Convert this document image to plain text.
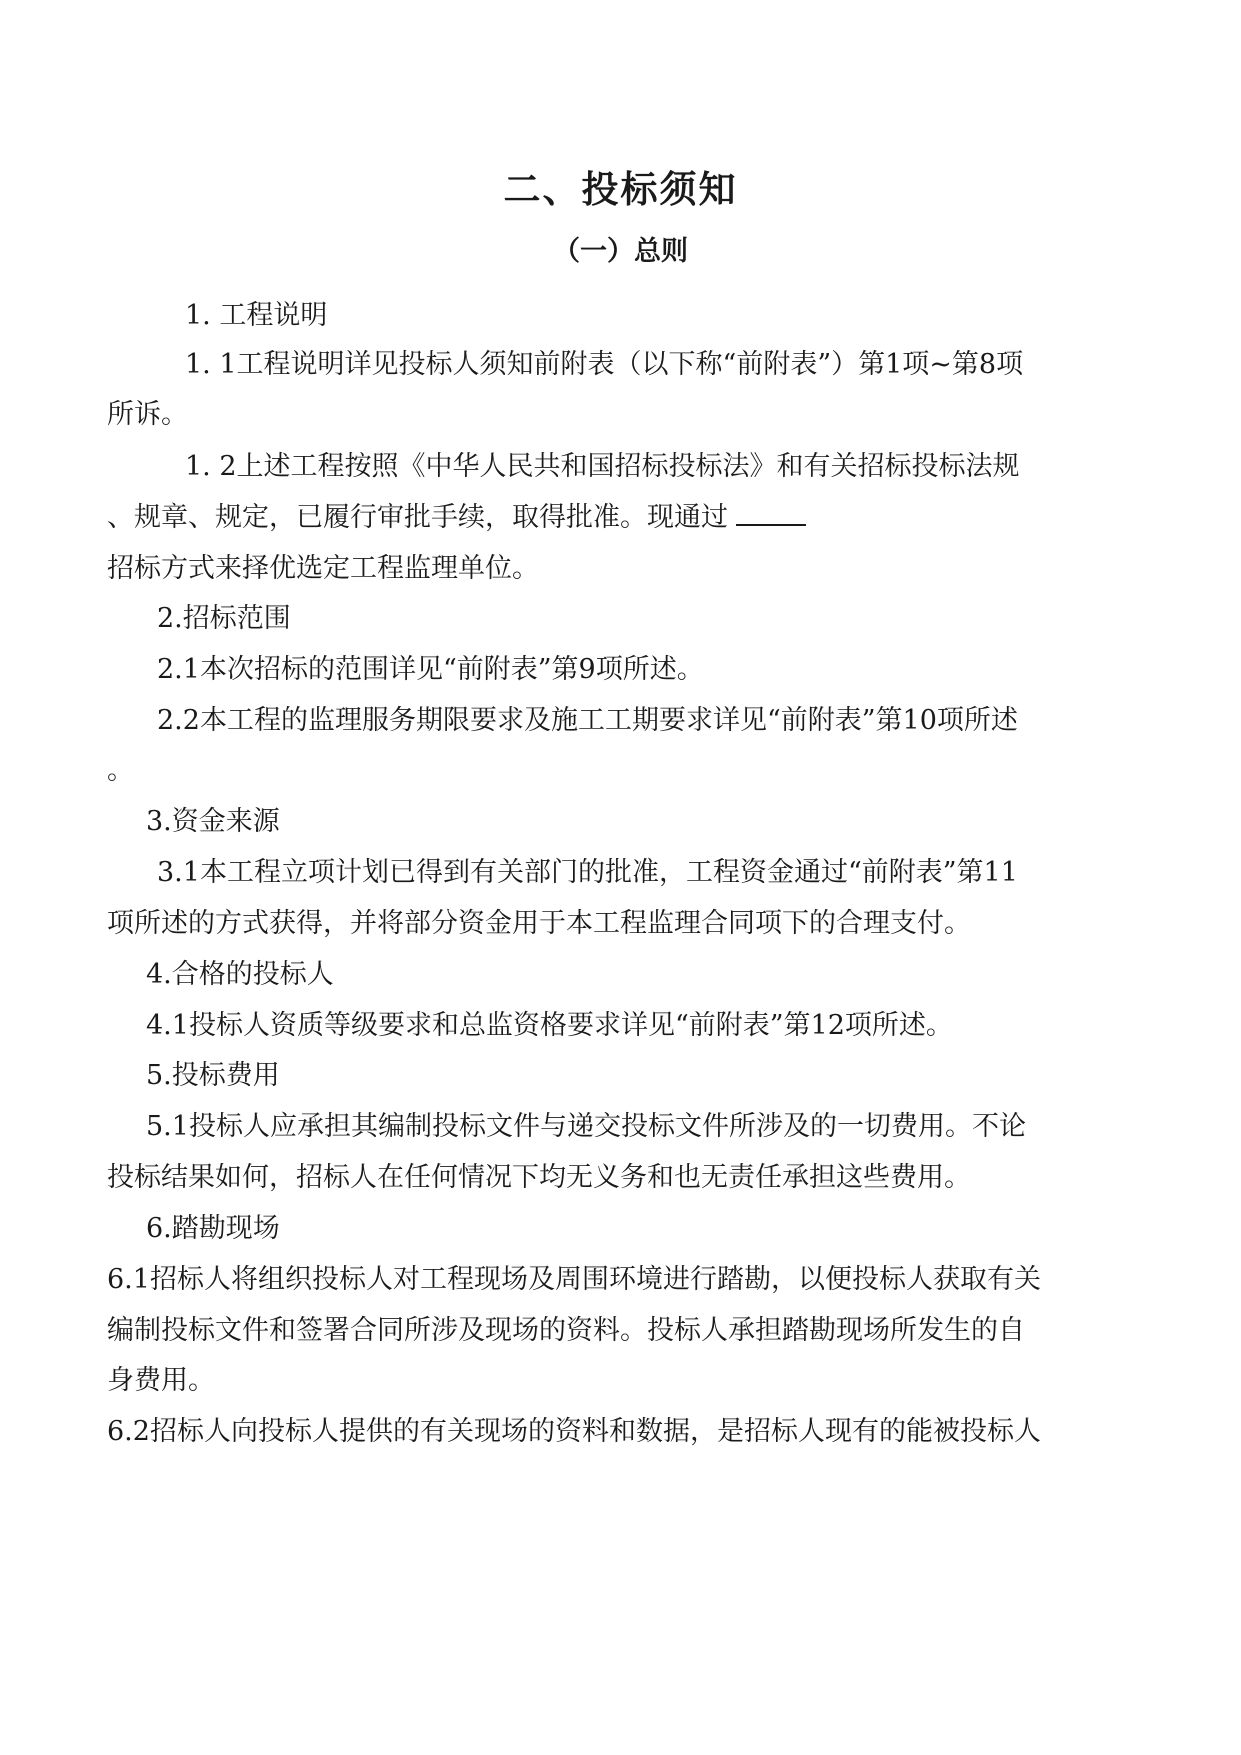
二、投标须知
（一）总则

1. 工程说明

1. 1工程说明详见投标人须知前附表（以下称“前附表”）第1项~第8项

所诉。

1. 2上述工程按照《中华人民共和国招标投标法》和有关招标投标法规

、规章、规定，已履行审批手续，取得批准。现通过

招标方式来择优选定工程监理单位。

2.招标范围

2.1本次招标的范围详见“前附表”第9项所述。

2.2本工程的监理服务期限要求及施工工期要求详见“前附表”第10项所述

。

3.资金来源

3.1本工程立项计划已得到有关部门的批准，工程资金通过“前附表”第11

项所述的方式获得，并将部分资金用于本工程监理合同项下的合理支付。

4.合格的投标人

4.1投标人资质等级要求和总监资格要求详见“前附表”第12项所述。

5.投标费用

5.1投标人应承担其编制投标文件与递交投标文件所涉及的一切费用。不论

投标结果如何，招标人在任何情况下均无义务和也无责任承担这些费用。

6.踏勘现场

6.1招标人将组织投标人对工程现场及周围环境进行踏勘，以便投标人获取有关

编制投标文件和签署合同所涉及现场的资料。投标人承担踏勘现场所发生的自

身费用。

6.2招标人向投标人提供的有关现场的资料和数据，是招标人现有的能被投标人
